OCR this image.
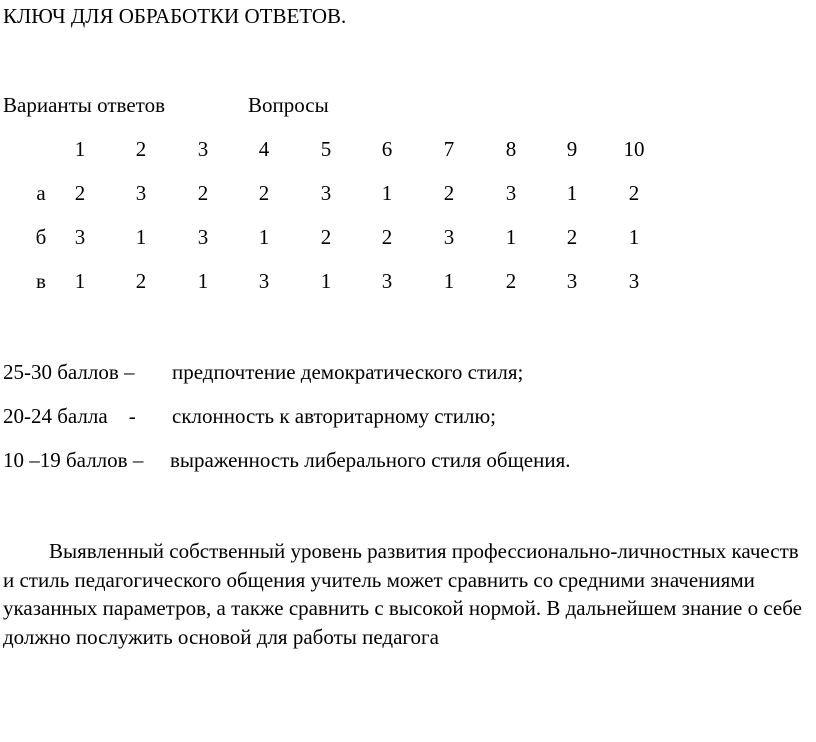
КЛЮЧ ДЛЯ ОБРАБОТКИ ОТВЕТОВ.
Варианты ответов	Вопросы
1 2 3 4 5 6 7 8 9 10
а 2 3 2 2 3 1 2 3 1 2
б 3 1 3 1 2 2 3 1 2 1
в 1 2 1 3 1 3 1 2 3 3
25-30 баллов – предпочтение демократического стиля;
20-24 балла    - склонность к авторитарному стилю;
10 –19 баллов – выраженность либерального стиля общения.

Выявленный собственный уровень развития профессионально-личностных качеств и стиль педагогического общения учитель может сравнить со средними значениями указанных параметров, а также сравнить с высокой нормой. В дальнейшем знание о себе должно послужить основой для работы педагога
